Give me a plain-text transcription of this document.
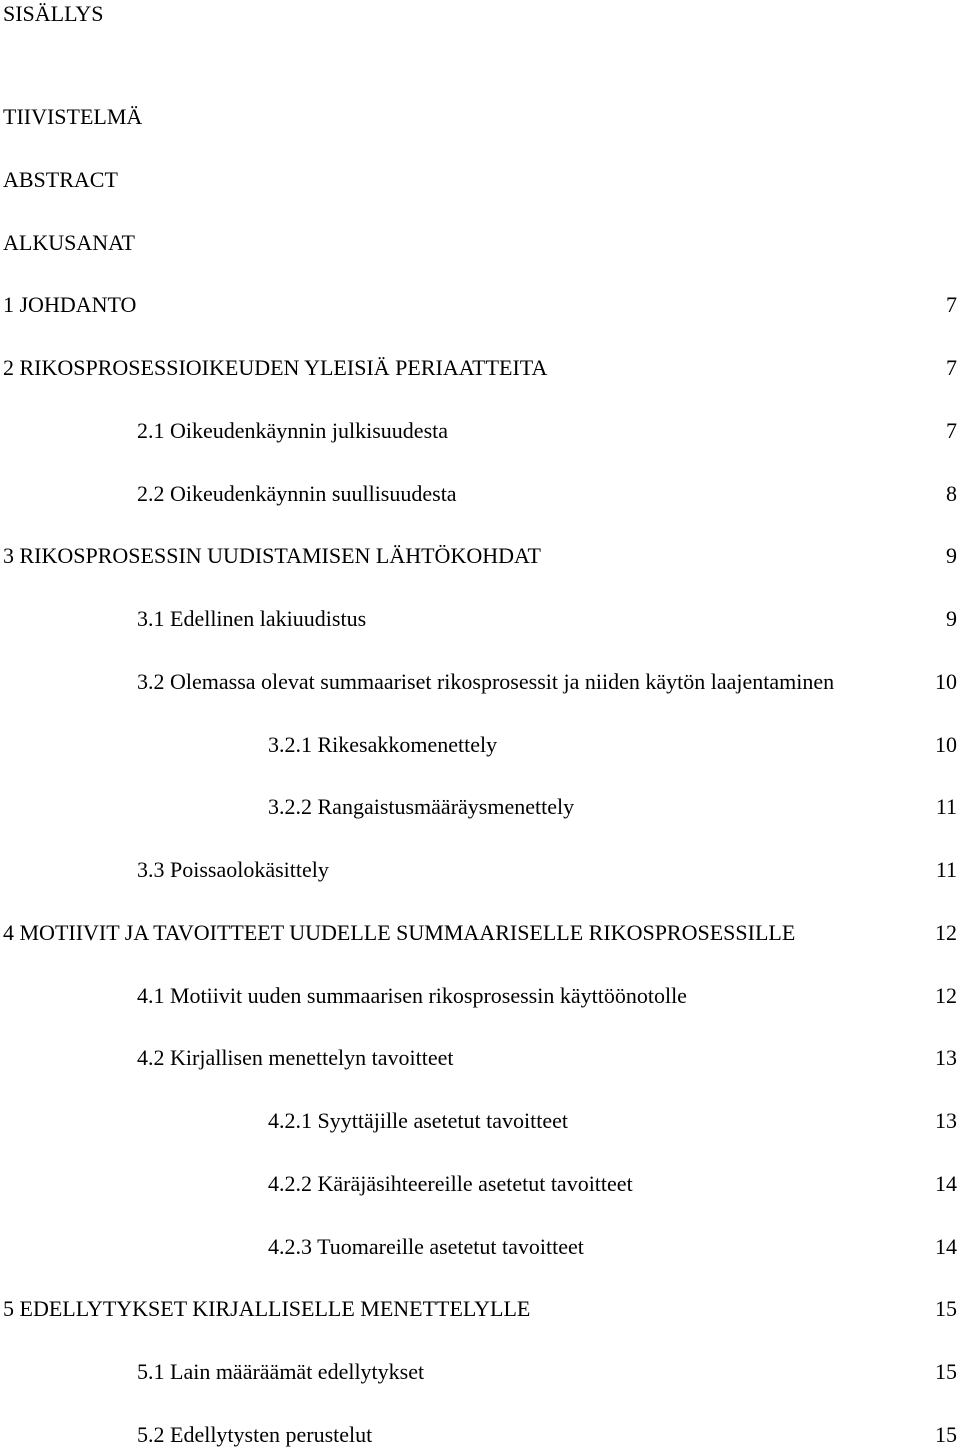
SISÄLLYS
TIIVISTELMÄ
ABSTRACT
ALKUSANAT
1 JOHDANTO	7
2 RIKOSPROSESSIOIKEUDEN YLEISIÄ PERIAATTEITA	7
2.1 Oikeudenkäynnin julkisuudesta	7
2.2 Oikeudenkäynnin suullisuudesta	8
3 RIKOSPROSESSIN UUDISTAMISEN LÄHTÖKOHDAT	9
3.1 Edellinen lakiuudistus	9
3.2 Olemassa olevat summaariset rikosprosessit ja niiden käytön laajentaminen	10
3.2.1 Rikesakkomenettely	10
3.2.2 Rangaistusmääräysmenettely	11
3.3 Poissaolokäsittely	11
4 MOTIIVIT JA TAVOITTEET UUDELLE SUMMAARISELLE RIKOSPROSESSILLE	12
4.1 Motiivit uuden summaarisen rikosprosessin käyttöönotolle	12
4.2 Kirjallisen menettelyn tavoitteet	13
4.2.1 Syyttäjille asetetut tavoitteet	13
4.2.2 Käräjäsihteereille asetetut tavoitteet	14
4.2.3 Tuomareille asetetut tavoitteet	14
5 EDELLYTYKSET KIRJALLISELLE MENETTELYLLE	15
5.1 Lain määräämät edellytykset	15
5.2 Edellytysten perustelut	15
